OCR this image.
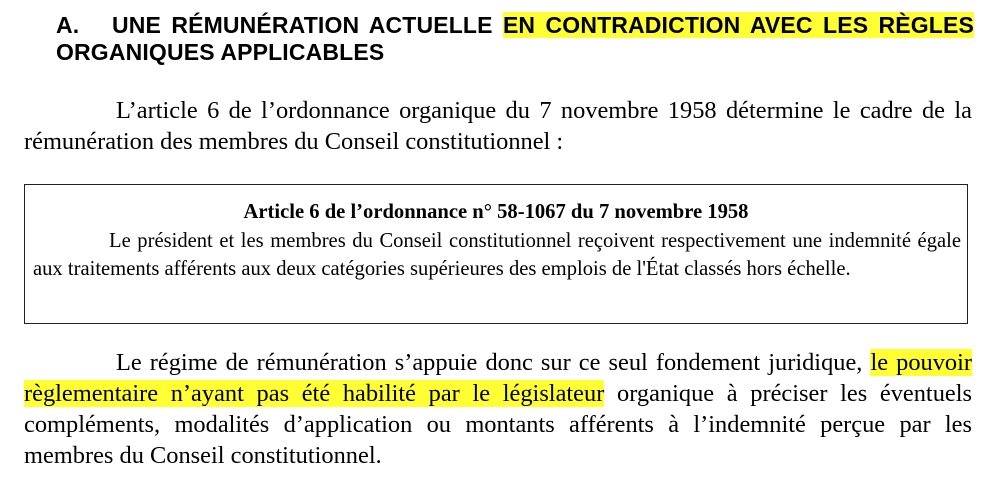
A. UNE RÉMUNÉRATION ACTUELLE EN CONTRADICTION AVEC LES RÈGLES ORGANIQUES APPLICABLES
L’article 6 de l’ordonnance organique du 7 novembre 1958 détermine le cadre de la rémunération des membres du Conseil constitutionnel :
Article 6 de l’ordonnance n° 58-1067 du 7 novembre 1958
Le président et les membres du Conseil constitutionnel reçoivent respectivement une indemnité égale aux traitements afférents aux deux catégories supérieures des emplois de l'État classés hors échelle.
Le régime de rémunération s’appuie donc sur ce seul fondement juridique, le pouvoir règlementaire n’ayant pas été habilité par le législateur organique à préciser les éventuels compléments, modalités d’application ou montants afférents à l’indemnité perçue par les membres du Conseil constitutionnel.
